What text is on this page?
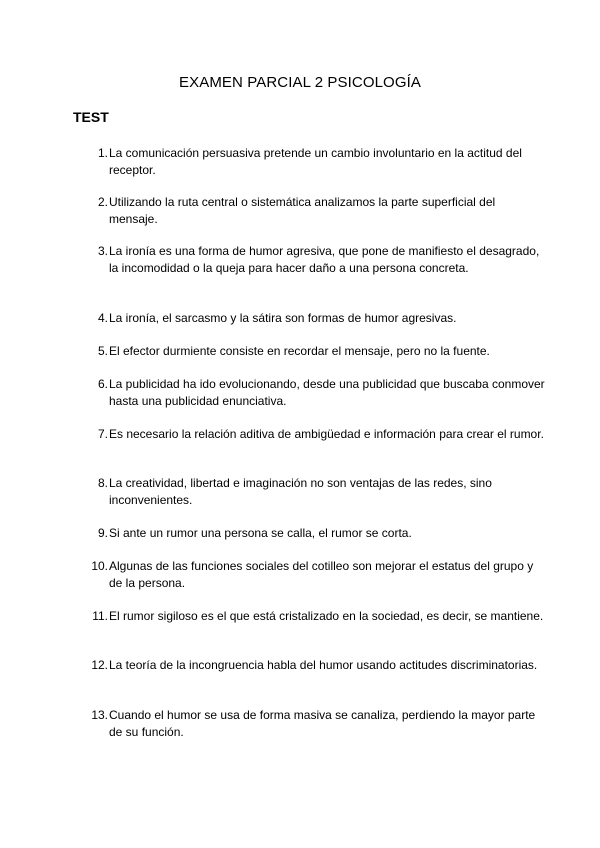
EXAMEN PARCIAL 2 PSICOLOGÍA
TEST
1. La comunicación persuasiva pretende un cambio involuntario en la actitud del receptor.
2. Utilizando la ruta central o sistemática analizamos la parte superficial del mensaje.
3. La ironía es una forma de humor agresiva, que pone de manifiesto el desagrado, la incomodidad o la queja para hacer daño a una persona concreta.
4. La ironía, el sarcasmo y la sátira son formas de humor agresivas.
5. El efector durmiente consiste en recordar el mensaje, pero no la fuente.
6. La publicidad ha ido evolucionando, desde una publicidad que buscaba conmover hasta una publicidad enunciativa.
7. Es necesario la relación aditiva de ambigüedad e información para crear el rumor.
8. La creatividad, libertad e imaginación no son ventajas de las redes, sino inconvenientes.
9. Si ante un rumor una persona se calla, el rumor se corta.
10. Algunas de las funciones sociales del cotilleo son mejorar el estatus del grupo y de la persona.
11. El rumor sigiloso es el que está cristalizado en la sociedad, es decir, se mantiene.
12. La teoría de la incongruencia habla del humor usando actitudes discriminatorias.
13. Cuando el humor se usa de forma masiva se canaliza, perdiendo la mayor parte de su función.
